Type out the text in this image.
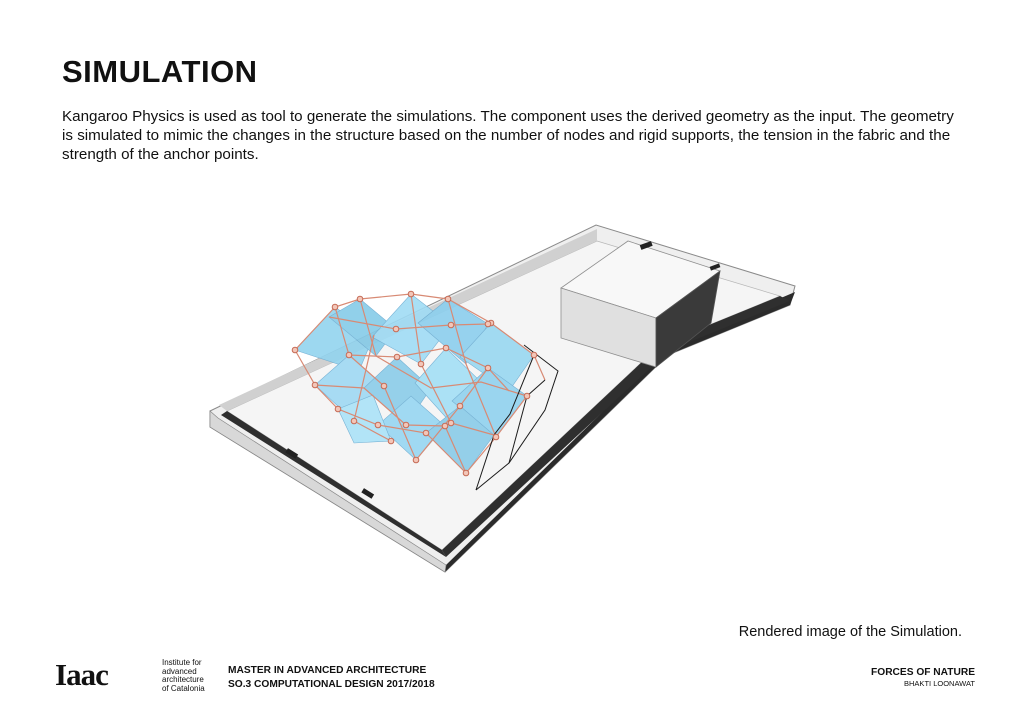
SIMULATION

Kangaroo Physics is used as tool to generate the simulations. The component uses the derived geometry as the input. The geometry is simulated to mimic the changes in the structure based on the number of nodes and rigid supports, the tension in the fabric and the strength of the anchor points.

Rendered image of the Simulation.

Iaac	Institute for
advanced
architecture
of Catalonia
MASTER IN ADVANCED ARCHITECTURE
SO.3 COMPUTATIONAL DESIGN 2017/2018
FORCES OF NATURE
BHAKTI LOONAWAT
